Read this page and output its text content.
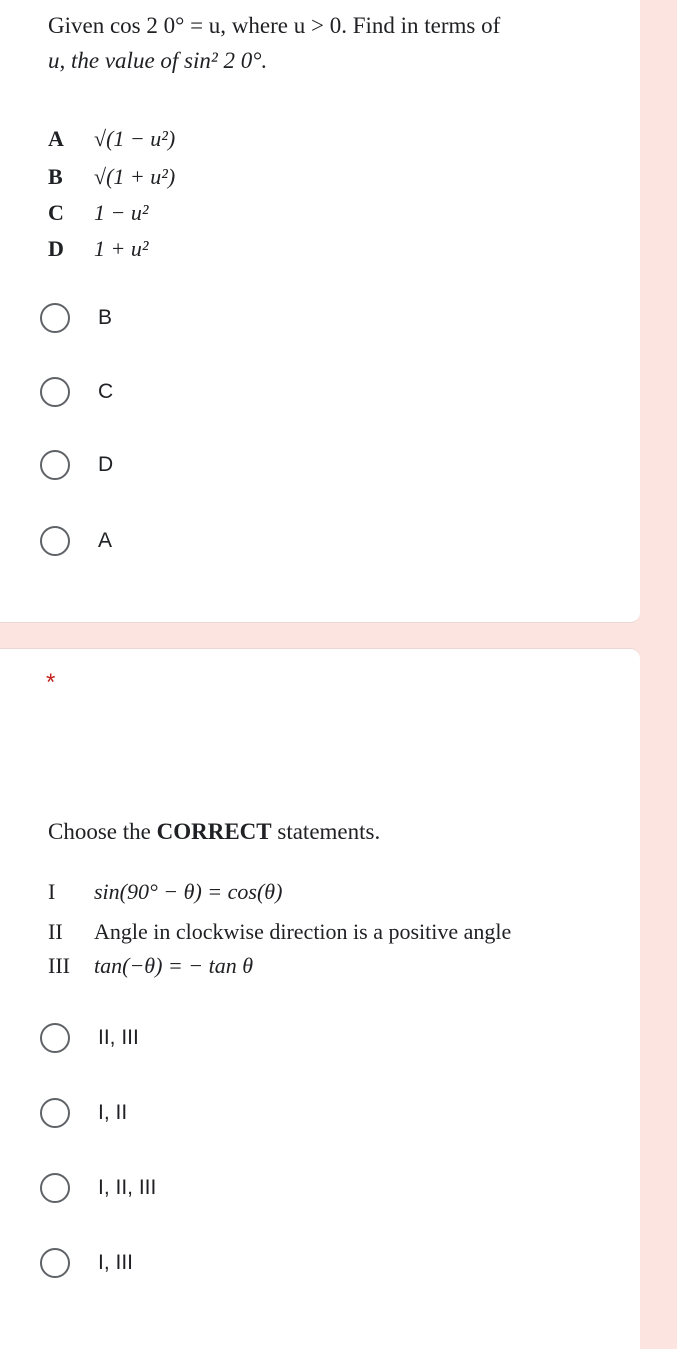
Given cos 2 0° = u, where u > 0. Find in terms of
u, the value of sin² 2 0°.
A √(1 − u²)
B √(1 + u²)
C 1 − u²
D 1 + u²
B
C
D
A
*
Choose the CORRECT statements.
I sin(90° − θ) = cos(θ)
II Angle in clockwise direction is a positive angle
III tan(−θ) = − tan θ
II, III
I, II
I, II, III
I, III
